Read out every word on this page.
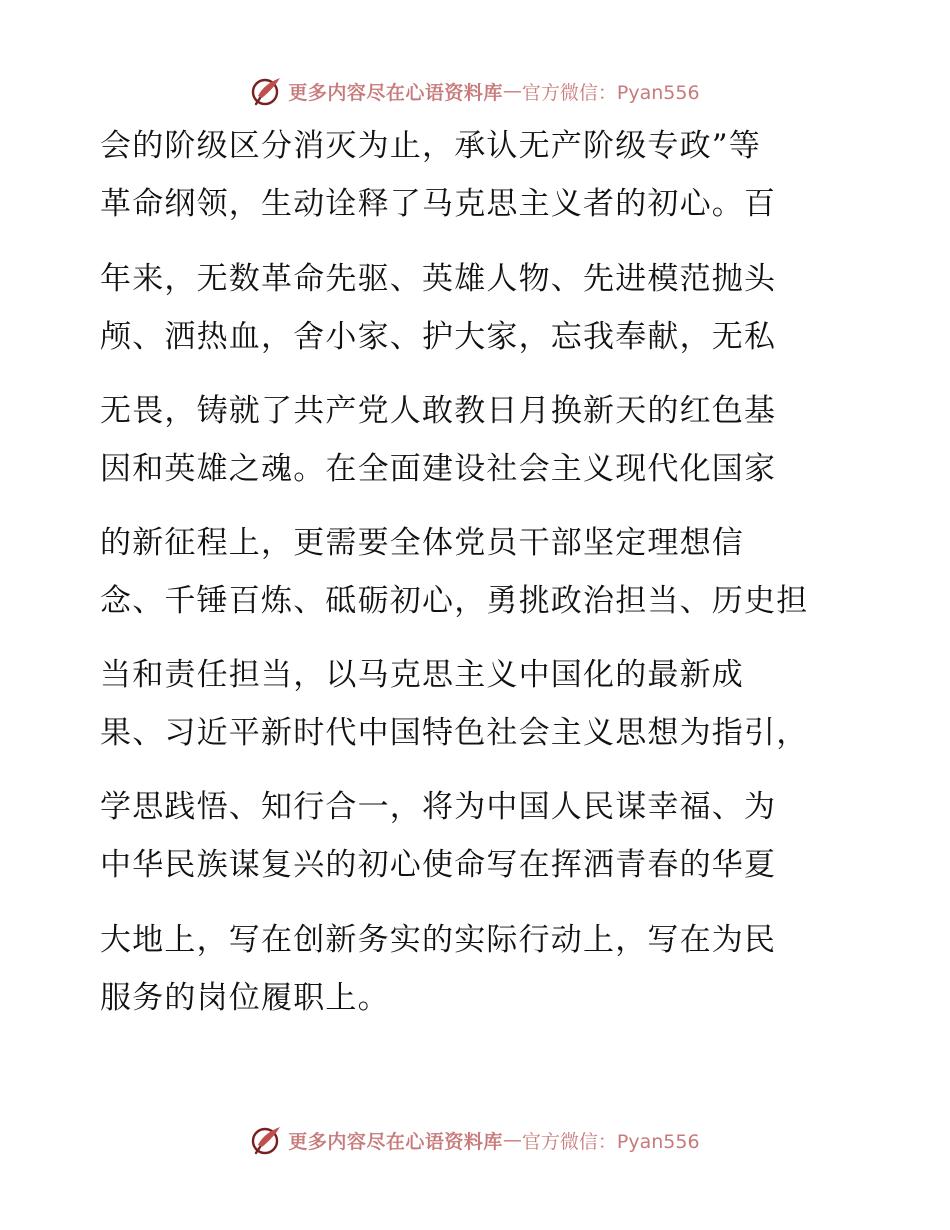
更多内容尽在心语资料库 — 官方微信：Pyan556
会的阶级区分消灭为止，承认无产阶级专政”等
革命纲领，生动诠释了马克思主义者的初心。百
年来，无数革命先驱、英雄人物、先进模范抛头
颅、洒热血，舍小家、护大家，忘我奉献，无私
无畏，铸就了共产党人敢教日月换新天的红色基
因和英雄之魂。在全面建设社会主义现代化国家
的新征程上，更需要全体党员干部坚定理想信
念、千锤百炼、砥砺初心，勇挑政治担当、历史担
当和责任担当，以马克思主义中国化的最新成
果、习近平新时代中国特色社会主义思想为指引，
学思践悟、知行合一，将为中国人民谋幸福、为
中华民族谋复兴的初心使命写在挥洒青春的华夏
大地上，写在创新务实的实际行动上，写在为民
服务的岗位履职上。
更多内容尽在心语资料库 — 官方微信：Pyan556
